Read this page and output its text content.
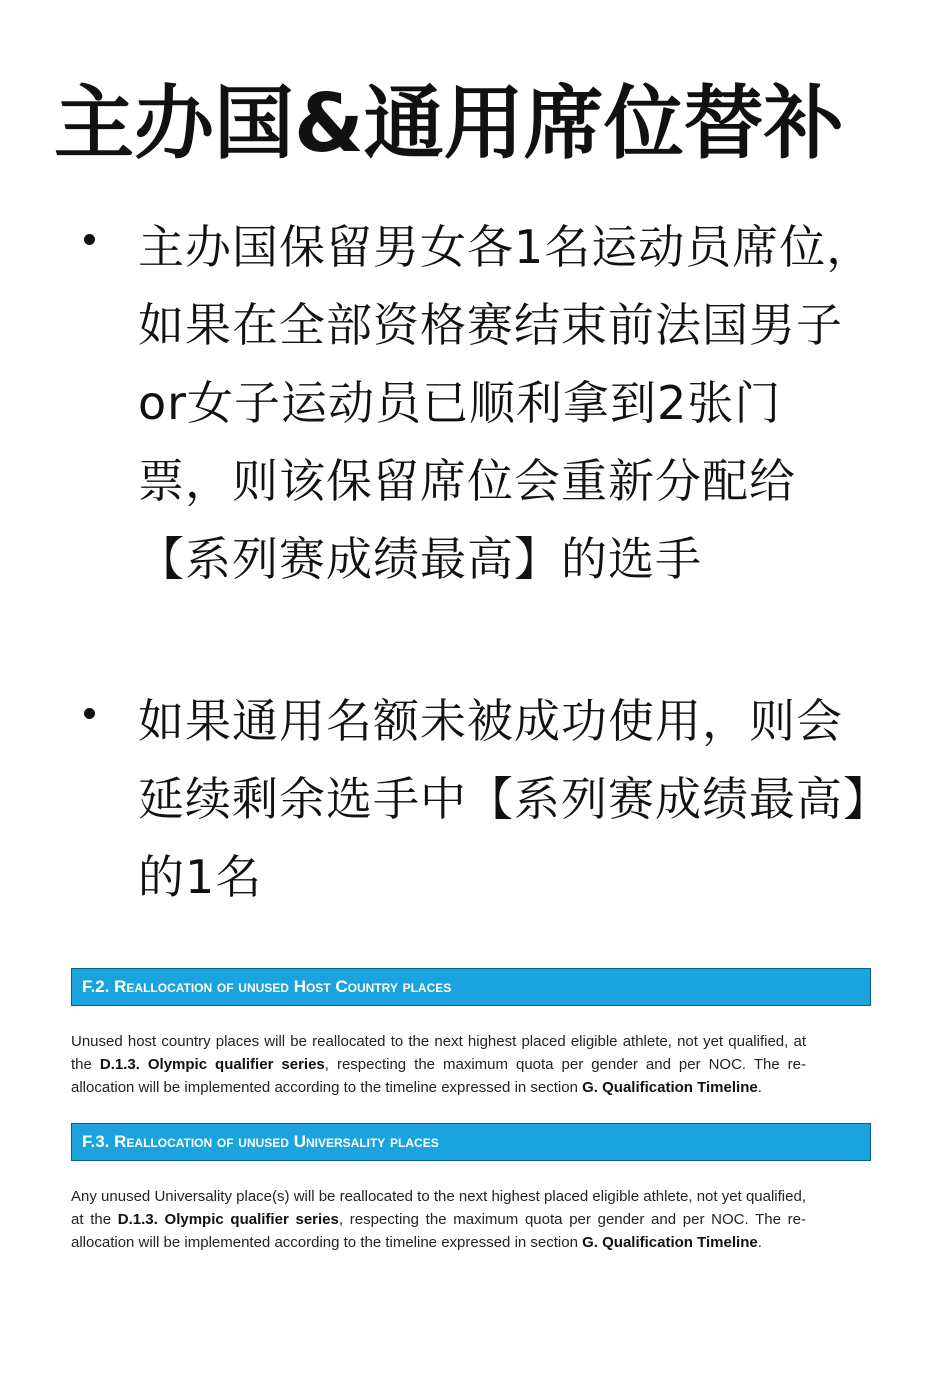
主办国&通用席位替补
主办国保留男女各1名运动员席位，如果在全部资格赛结束前法国男子or女子运动员已顺利拿到2张门票，则该保留席位会重新分配给【系列赛成绩最高】的选手
如果通用名额未被成功使用，则会延续剩余选手中【系列赛成绩最高】的1名
F.2. Reallocation of unused Host Country places
Unused host country places will be reallocated to the next highest placed eligible athlete, not yet qualified, at the D.1.3. Olympic qualifier series, respecting the maximum quota per gender and per NOC. The re-allocation will be implemented according to the timeline expressed in section G. Qualification Timeline.
F.3. Reallocation of unused Universality places
Any unused Universality place(s) will be reallocated to the next highest placed eligible athlete, not yet qualified, at the D.1.3. Olympic qualifier series, respecting the maximum quota per gender and per NOC. The re-allocation will be implemented according to the timeline expressed in section G. Qualification Timeline.
